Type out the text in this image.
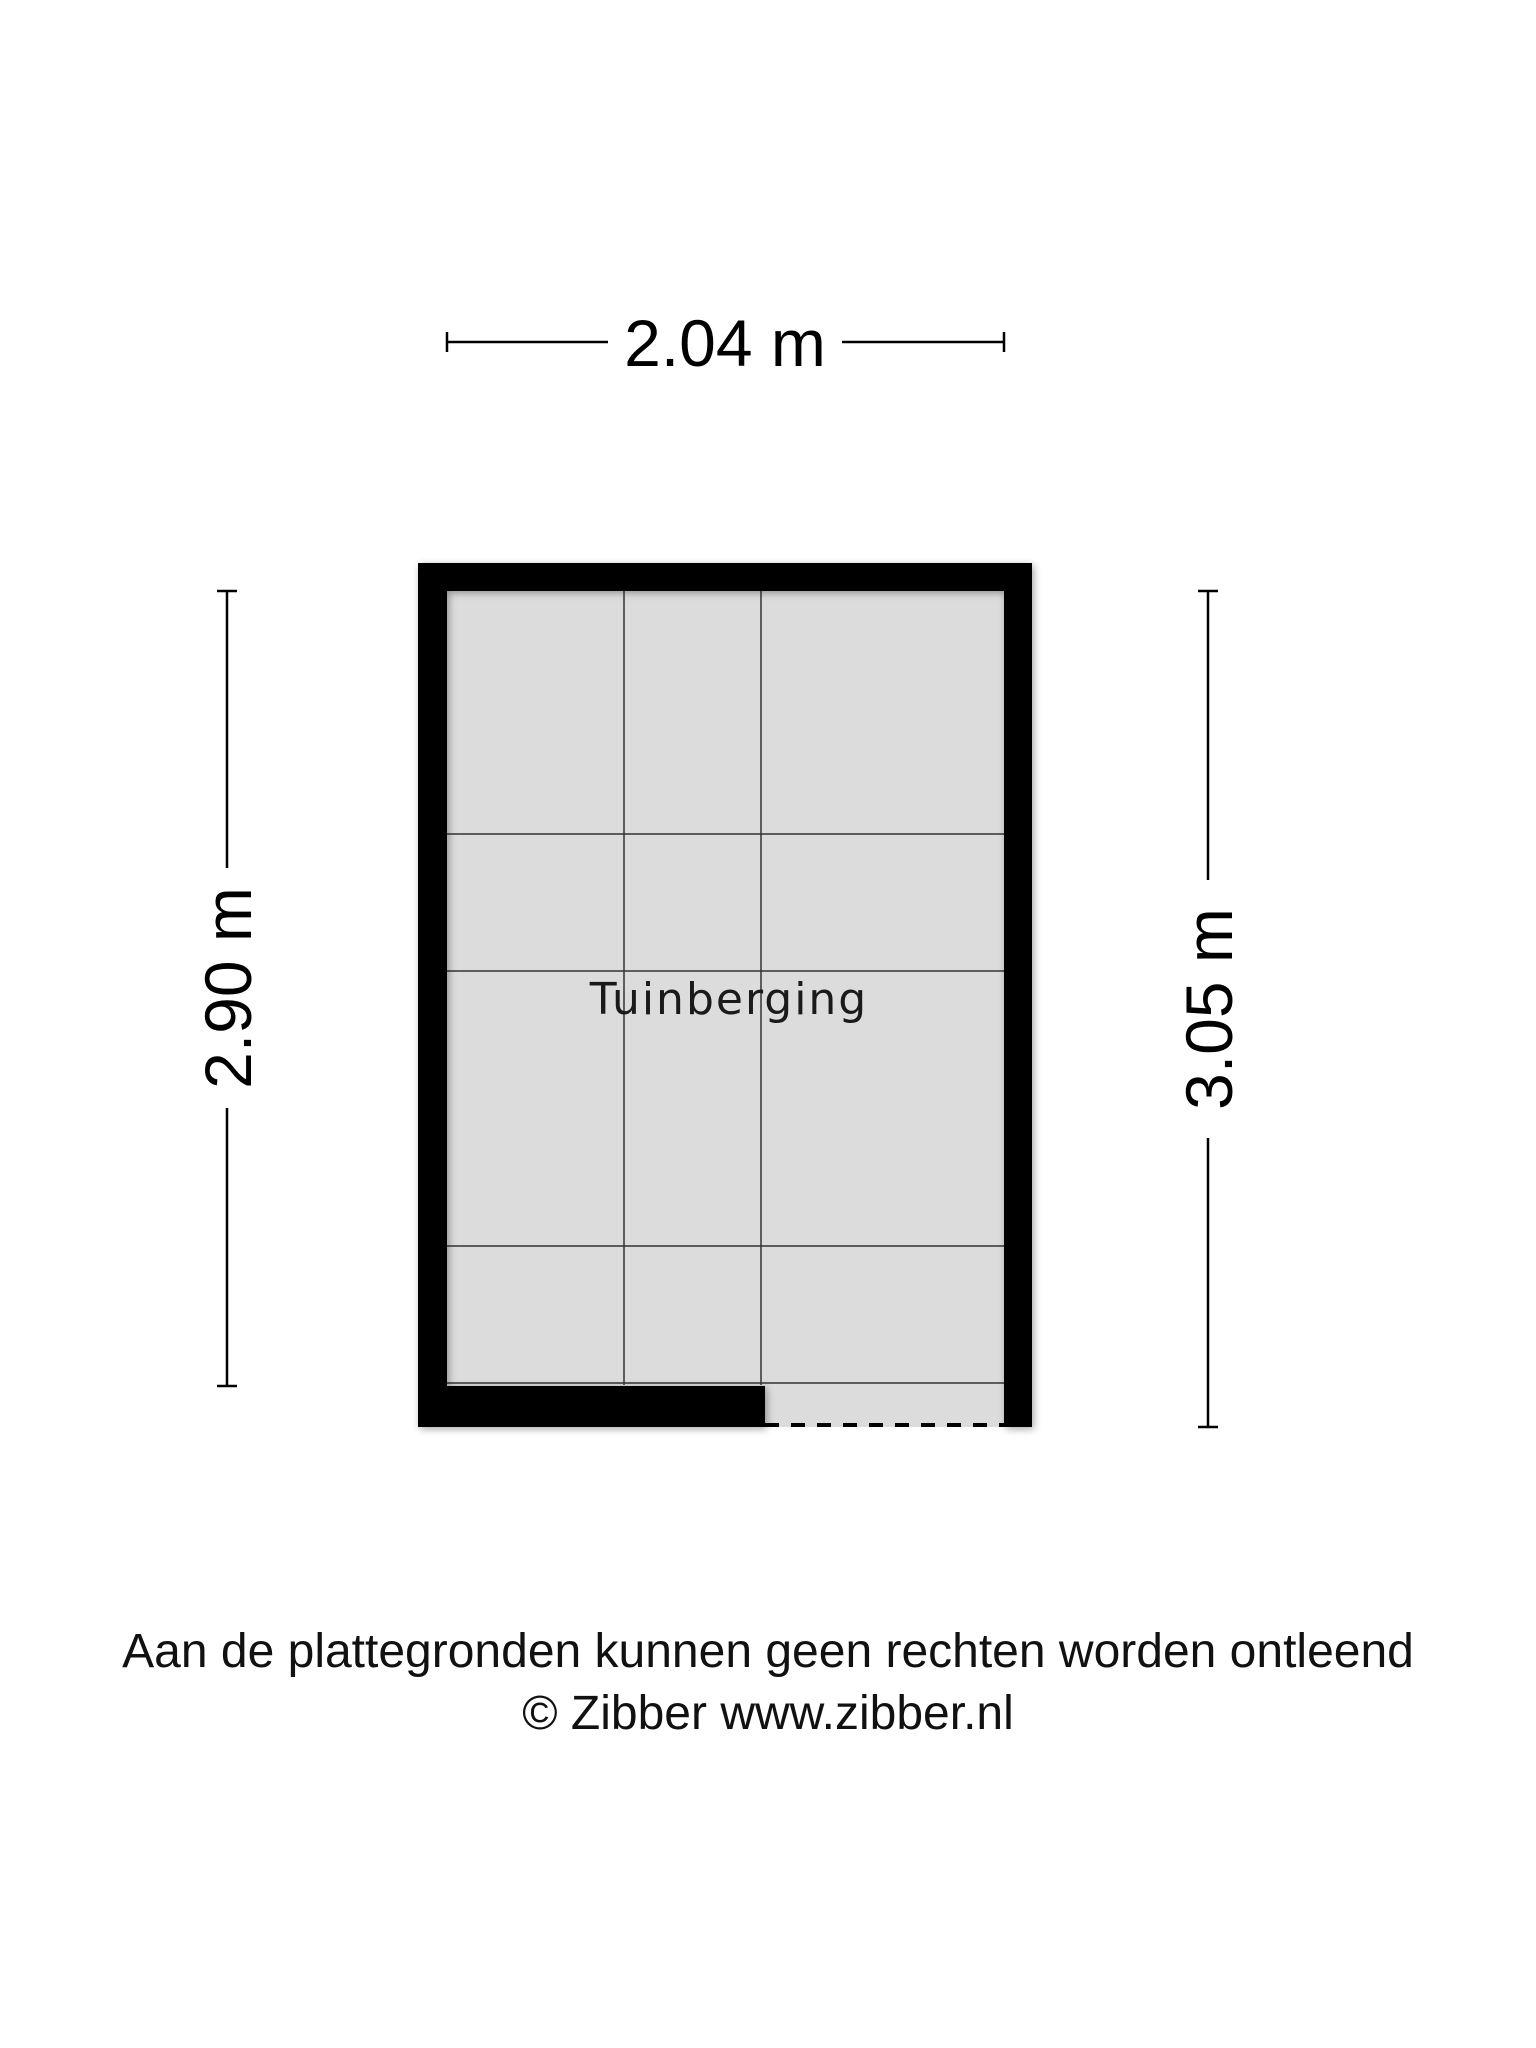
2.04 m
2.90 m	3.05 m
Tuinberging
Aan de plattegronden kunnen geen rechten worden ontleend
© Zibber www.zibber.nl
